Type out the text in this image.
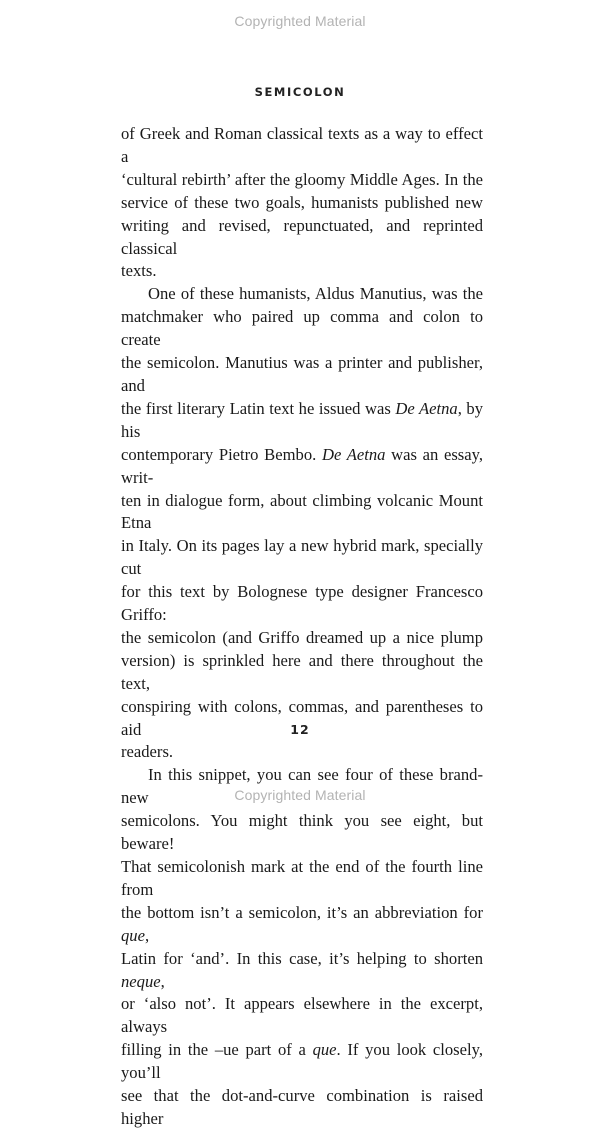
Copyrighted Material
SEMICOLON

of Greek and Roman classical texts as a way to effect a
‘cultural rebirth’ after the gloomy Middle Ages. In the
service of these two goals, humanists published new
writing and revised, repunctuated, and reprinted classical
texts.

One of these humanists, Aldus Manutius, was the
matchmaker who paired up comma and colon to create
the semicolon. Manutius was a printer and publisher, and
the first literary Latin text he issued was De Aetna, by his
contemporary Pietro Bembo. De Aetna was an essay, writ-
ten in dialogue form, about climbing volcanic Mount Etna
in Italy. On its pages lay a new hybrid mark, specially cut
for this text by Bolognese type designer Francesco Griffo:
the semicolon (and Griffo dreamed up a nice plump
version) is sprinkled here and there throughout the text,
conspiring with colons, commas, and parentheses to aid
readers.

In this snippet, you can see four of these brand-new
semicolons. You might think you see eight, but beware!
That semicolonish mark at the end of the fourth line from
the bottom isn’t a semicolon, it’s an abbreviation for que,
Latin for ‘and’. In this case, it’s helping to shorten neque,
or ‘also not’. It appears elsewhere in the excerpt, always
filling in the –ue part of a que. If you look closely, you’ll
see that the dot-and-curve combination is raised higher

12
Copyrighted Material
